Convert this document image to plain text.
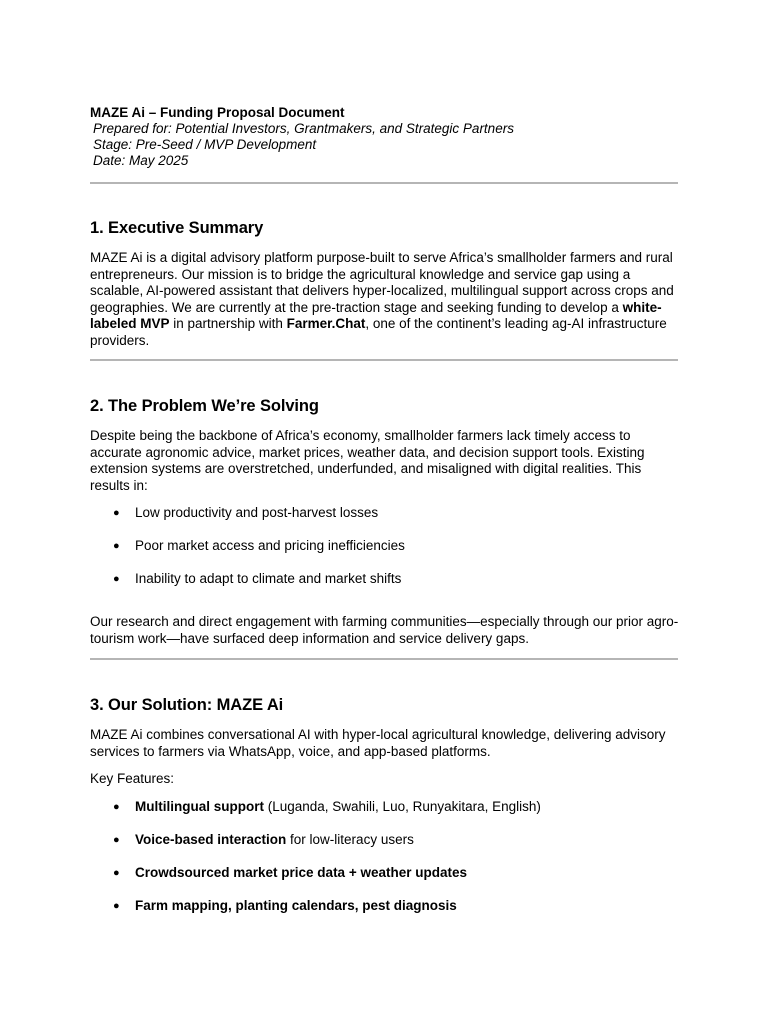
MAZE Ai – Funding Proposal Document
Prepared for: Potential Investors, Grantmakers, and Strategic Partners
Stage: Pre-Seed / MVP Development
Date: May 2025
1. Executive Summary
MAZE Ai is a digital advisory platform purpose-built to serve Africa’s smallholder farmers and rural entrepreneurs. Our mission is to bridge the agricultural knowledge and service gap using a scalable, AI-powered assistant that delivers hyper-localized, multilingual support across crops and geographies. We are currently at the pre-traction stage and seeking funding to develop a white-labeled MVP in partnership with Farmer.Chat, one of the continent’s leading ag-AI infrastructure providers.
2. The Problem We’re Solving
Despite being the backbone of Africa’s economy, smallholder farmers lack timely access to accurate agronomic advice, market prices, weather data, and decision support tools. Existing extension systems are overstretched, underfunded, and misaligned with digital realities. This results in:
● Low productivity and post-harvest losses
● Poor market access and pricing inefficiencies
● Inability to adapt to climate and market shifts
Our research and direct engagement with farming communities—especially through our prior agro-tourism work—have surfaced deep information and service delivery gaps.
3. Our Solution: MAZE Ai
MAZE Ai combines conversational AI with hyper-local agricultural knowledge, delivering advisory services to farmers via WhatsApp, voice, and app-based platforms.
Key Features:
● Multilingual support (Luganda, Swahili, Luo, Runyakitara, English)
● Voice-based interaction for low-literacy users
● Crowdsourced market price data + weather updates
● Farm mapping, planting calendars, pest diagnosis
